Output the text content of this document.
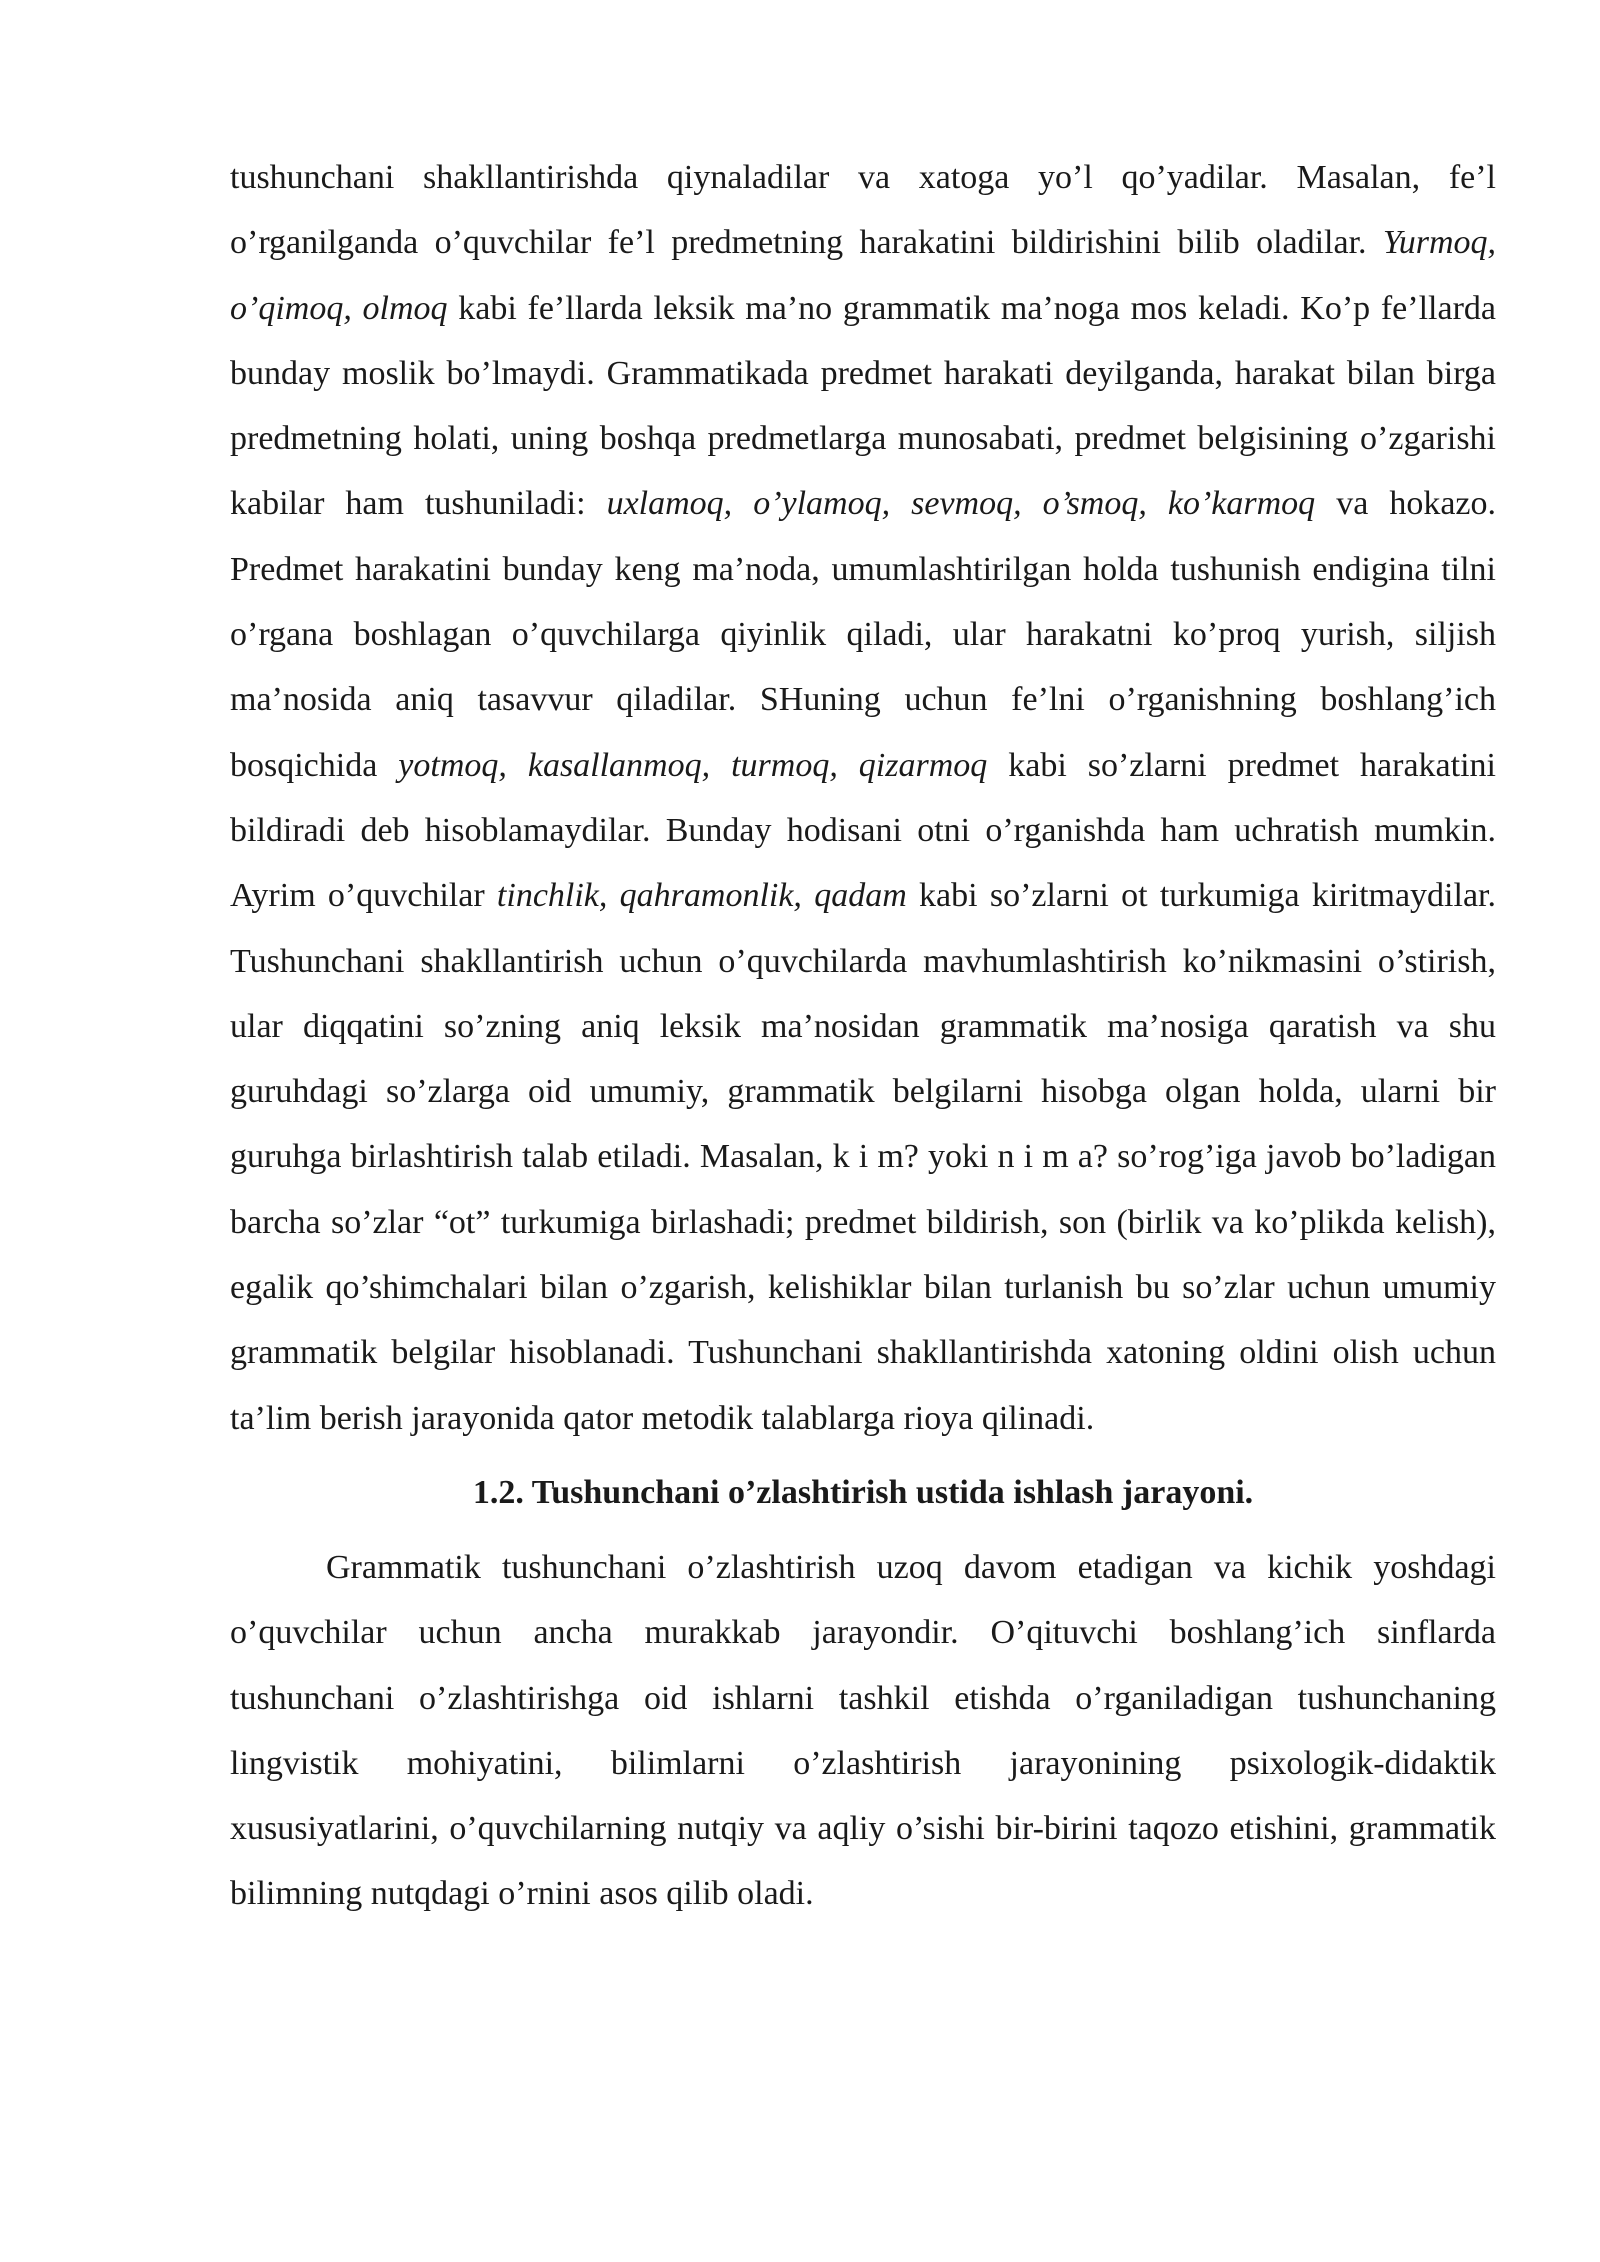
tushunchani shakllantirishda qiynaladilar va xatoga yo’l qo’yadilar. Masalan, fe’l o’rganilganda o’quvchilar fe’l predmetning harakatini bildirishini bilib oladilar. Yurmoq, o’qimoq, olmoq kabi fe’llarda leksik ma’no grammatik ma’noga mos keladi. Ko’p fe’llarda bunday moslik bo’lmaydi. Grammatikada predmet harakati deyilganda, harakat bilan birga predmetning holati, uning boshqa predmetlarga munosabati, predmet belgisining o’zgarishi kabilar ham tushuniladi: uxlamoq, o’ylamoq, sevmoq, o’smoq, ko’karmoq va hokazo. Predmet harakatini bunday keng ma’noda, umumlashtirilgan holda tushunish endigina tilni o’rgana boshlagan o’quvchilarga qiyinlik qiladi, ular harakatni ko’proq yurish, siljish ma’nosida aniq tasavvur qiladilar. SHuning uchun fe’lni o’rganishning boshlang’ich bosqichida yotmoq, kasallanmoq, turmoq, qizarmoq kabi so’zlarni predmet harakatini bildiradi deb hisoblamaydilar. Bunday hodisani otni o’rganishda ham uchratish mumkin. Ayrim o’quvchilar tinchlik, qahramonlik, qadam kabi so’zlarni ot turkumiga kiritmaydilar. Tushunchani shakllantirish uchun o’quvchilarda mavhumlashtirish ko’nikmasini o’stirish, ular diqqatini so’zning aniq leksik ma’nosidan grammatik ma’nosiga qaratish va shu guruhdagi so’zlarga oid umumiy, grammatik belgilarni hisobga olgan holda, ularni bir guruhga birlashtirish talab etiladi. Masalan, k i m? yoki n i m a? so’rog’iga javob bo’ladigan barcha so’zlar “ot” turkumiga birlashadi; predmet bildirish, son (birlik va ko’plikda kelish), egalik qo’shimchalari bilan o’zgarish, kelishiklar bilan turlanish bu so’zlar uchun umumiy grammatik belgilar hisoblanadi. Tushunchani shakllantirishda xatoning oldini olish uchun ta’lim berish jarayonida qator metodik talablarga rioya qilinadi.

1.2. Tushunchani o’zlashtirish ustida ishlash jarayoni.

Grammatik tushunchani o’zlashtirish uzoq davom etadigan va kichik yoshdagi o’quvchilar uchun ancha murakkab jarayondir. O’qituvchi boshlang’ich sinflarda tushunchani o’zlashtirishga oid ishlarni tashkil etishda o’rganiladigan tushunchaning lingvistik mohiyatini, bilimlarni o’zlashtirish jarayonining psixologik-didaktik xususiyatlarini, o’quvchilarning nutqiy va aqliy o’sishi bir-birini taqozo etishini, grammatik bilimning nutqdagi o’rnini asos qilib oladi.
